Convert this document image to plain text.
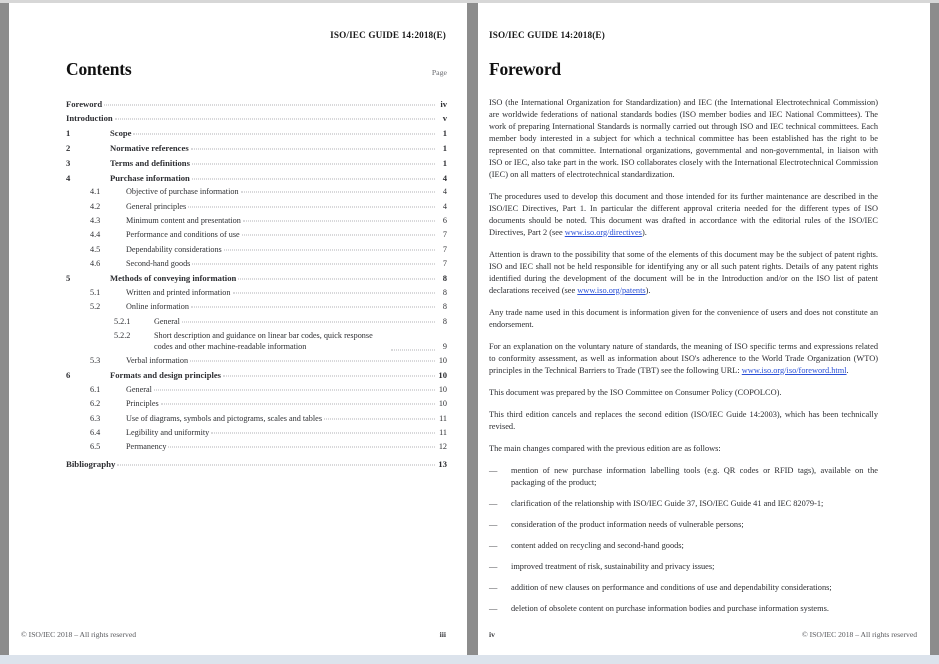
ISO/IEC GUIDE 14:2018(E)
Contents	Page
Foreword	iv
Introduction	v
1	Scope	1
2	Normative references	1
3	Terms and definitions	1
4	Purchase information	4
4.1	Objective of purchase information	4
4.2	General principles	4
4.3	Minimum content and presentation	6
4.4	Performance and conditions of use	7
4.5	Dependability considerations	7
4.6	Second-hand goods	7
5	Methods of conveying information	8
5.1	Written and printed information	8
5.2	Online information	8
5.2.1	General	8
5.2.2	Short description and guidance on linear bar codes, quick response codes and other machine-readable information	9
5.3	Verbal information	10
6	Formats and design principles	10
6.1	General	10
6.2	Principles	10
6.3	Use of diagrams, symbols and pictograms, scales and tables	11
6.4	Legibility and uniformity	11
6.5	Permanency	12
Bibliography	13
© ISO/IEC 2018 – All rights reserved	iii
ISO/IEC GUIDE 14:2018(E)
Foreword

ISO (the International Organization for Standardization) and IEC (the International Electrotechnical Commission) are worldwide federations of national standards bodies (ISO member bodies and IEC National Committees). The work of preparing International Standards is normally carried out through ISO and IEC technical committees. Each member body interested in a subject for which a technical committee has been established has the right to be represented on that committee. International organizations, governmental and non-governmental, in liaison with ISO or IEC, also take part in the work. ISO collaborates closely with the International Electrotechnical Commission (IEC) on all matters of electrotechnical standardization.

The procedures used to develop this document and those intended for its further maintenance are described in the ISO/IEC Directives, Part 1. In particular the different approval criteria needed for the different types of ISO documents should be noted. This document was drafted in accordance with the editorial rules of the ISO/IEC Directives, Part 2 (see www.iso.org/directives).

Attention is drawn to the possibility that some of the elements of this document may be the subject of patent rights. ISO and IEC shall not be held responsible for identifying any or all such patent rights. Details of any patent rights identified during the development of the document will be in the Introduction and/or on the ISO list of patent declarations received (see www.iso.org/patents).

Any trade name used in this document is information given for the convenience of users and does not constitute an endorsement.

For an explanation on the voluntary nature of standards, the meaning of ISO specific terms and expressions related to conformity assessment, as well as information about ISO's adherence to the World Trade Organization (WTO) principles in the Technical Barriers to Trade (TBT) see the following URL: www.iso.org/iso/foreword.html.

This document was prepared by the ISO Committee on Consumer Policy (COPOLCO).

This third edition cancels and replaces the second edition (ISO/IEC Guide 14:2003), which has been technically revised.

The main changes compared with the previous edition are as follows:

—	mention of new purchase information labelling tools (e.g. QR codes or RFID tags), available on the packaging of the product;
—	clarification of the relationship with ISO/IEC Guide 37, ISO/IEC Guide 41 and IEC 82079-1;
—	consideration of the product information needs of vulnerable persons;
—	content added on recycling and second-hand goods;
—	improved treatment of risk, sustainability and privacy issues;
—	addition of new clauses on performance and conditions of use and dependability considerations;
—	deletion of obsolete content on purchase information bodies and purchase information systems.
iv	© ISO/IEC 2018 – All rights reserved
